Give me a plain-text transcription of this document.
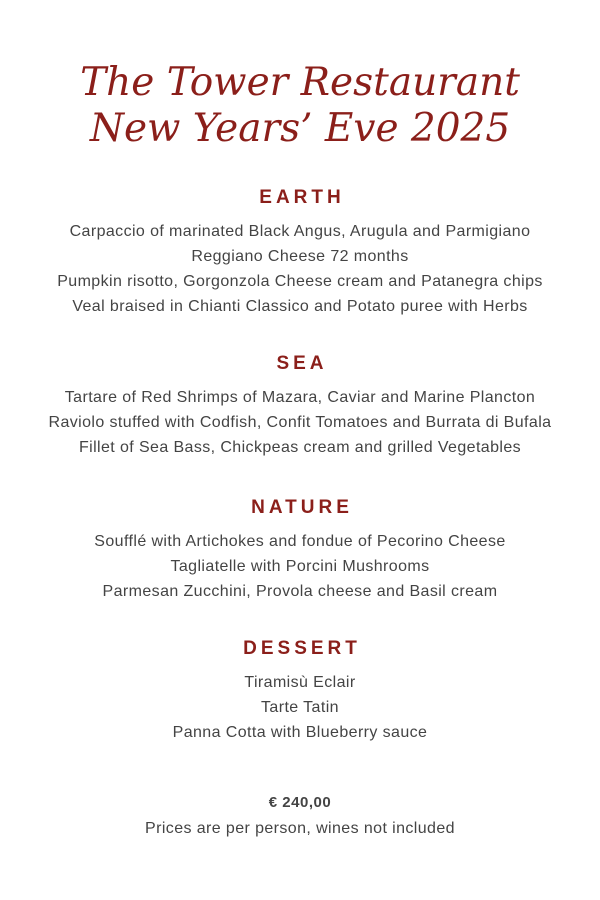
The Tower Restaurant
New Years’ Eve 2025
EARTH
Carpaccio of marinated Black Angus, Arugula and Parmigiano
Reggiano Cheese 72 months
Pumpkin risotto, Gorgonzola Cheese cream and Patanegra chips
Veal braised in Chianti Classico and Potato puree with Herbs
SEA
Tartare of Red Shrimps of Mazara, Caviar and Marine Plancton
Raviolo stuffed with Codfish, Confit Tomatoes and Burrata di Bufala
Fillet of Sea Bass, Chickpeas cream and grilled Vegetables
NATURE
Soufflé with Artichokes and fondue of Pecorino Cheese
Tagliatelle with Porcini Mushrooms
Parmesan Zucchini, Provola cheese and Basil cream
DESSERT
Tiramisù Eclair
Tarte Tatin
Panna Cotta with Blueberry sauce
€ 240,00
Prices are per person, wines not included
